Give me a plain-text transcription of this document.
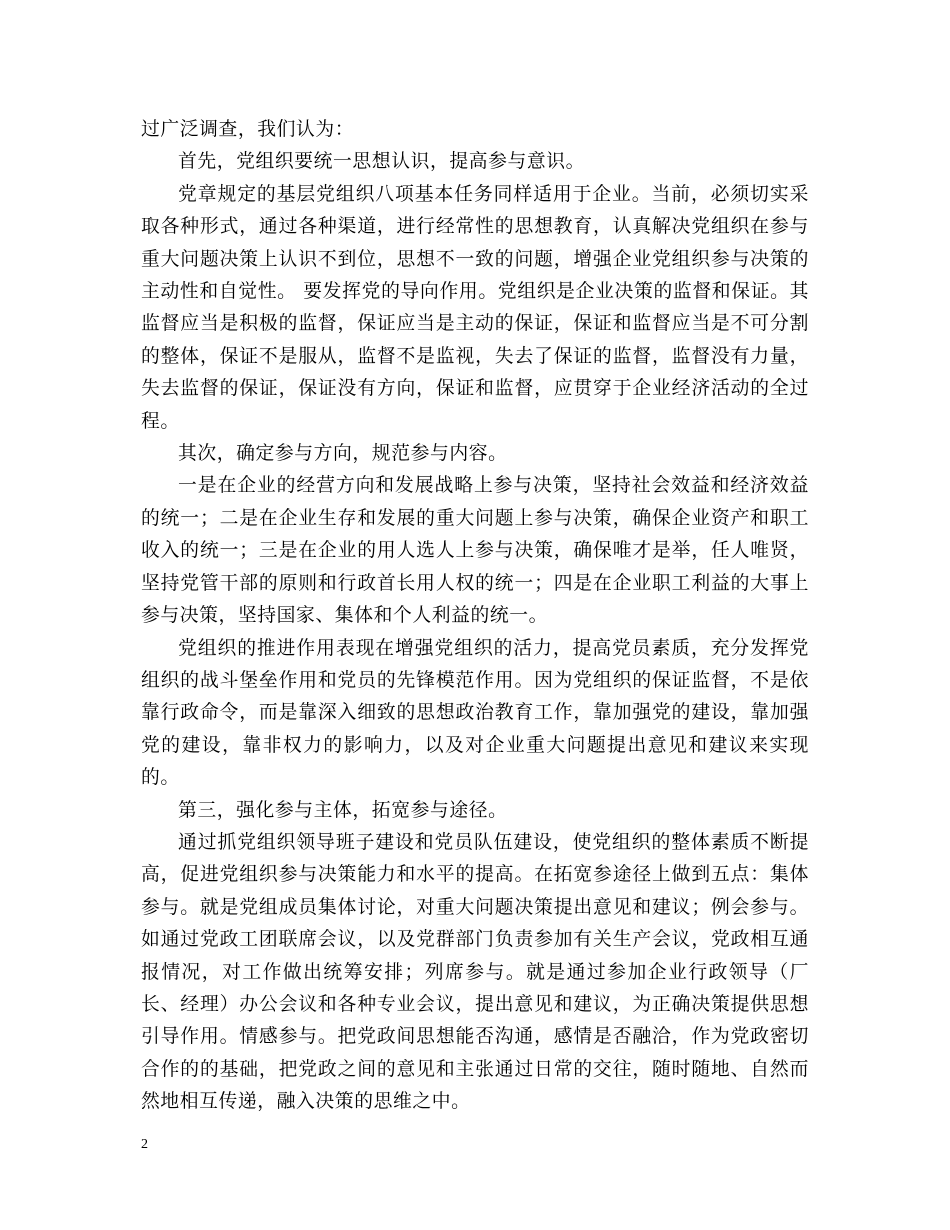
过广泛调查，我们认为：

首先，党组织要统一思想认识，提高参与意识。

党章规定的基层党组织八项基本任务同样适用于企业。当前，必须切实采取各种形式，通过各种渠道，进行经常性的思想教育，认真解决党组织在参与重大问题决策上认识不到位，思想不一致的问题，增强企业党组织参与决策的主动性和自觉性。 要发挥党的导向作用。党组织是企业决策的监督和保证。其监督应当是积极的监督，保证应当是主动的保证，保证和监督应当是不可分割的整体，保证不是服从，监督不是监视，失去了保证的监督，监督没有力量，失去监督的保证，保证没有方向，保证和监督，应贯穿于企业经济活动的全过程。

其次，确定参与方向，规范参与内容。

一是在企业的经营方向和发展战略上参与决策，坚持社会效益和经济效益的统一；二是在企业生存和发展的重大问题上参与决策，确保企业资产和职工收入的统一；三是在企业的用人选人上参与决策，确保唯才是举，任人唯贤，坚持党管干部的原则和行政首长用人权的统一；四是在企业职工利益的大事上参与决策，坚持国家、集体和个人利益的统一。

党组织的推进作用表现在增强党组织的活力，提高党员素质，充分发挥党组织的战斗堡垒作用和党员的先锋模范作用。因为党组织的保证监督，不是依靠行政命令，而是靠深入细致的思想政治教育工作，靠加强党的建设，靠加强党的建设，靠非权力的影响力，以及对企业重大问题提出意见和建议来实现的。

第三，强化参与主体，拓宽参与途径。

通过抓党组织领导班子建设和党员队伍建设，使党组织的整体素质不断提高，促进党组织参与决策能力和水平的提高。在拓宽参途径上做到五点：集体参与。就是党组成员集体讨论，对重大问题决策提出意见和建议；例会参与。如通过党政工团联席会议，以及党群部门负责参加有关生产会议，党政相互通报情况，对工作做出统筹安排；列席参与。就是通过参加企业行政领导（厂长、经理）办公会议和各种专业会议，提出意见和建议，为正确决策提供思想引导作用。情感参与。把党政间思想能否沟通，感情是否融洽，作为党政密切合作的的基础，把党政之间的意见和主张通过日常的交往，随时随地、自然而然地相互传递，融入决策的思维之中。

2
